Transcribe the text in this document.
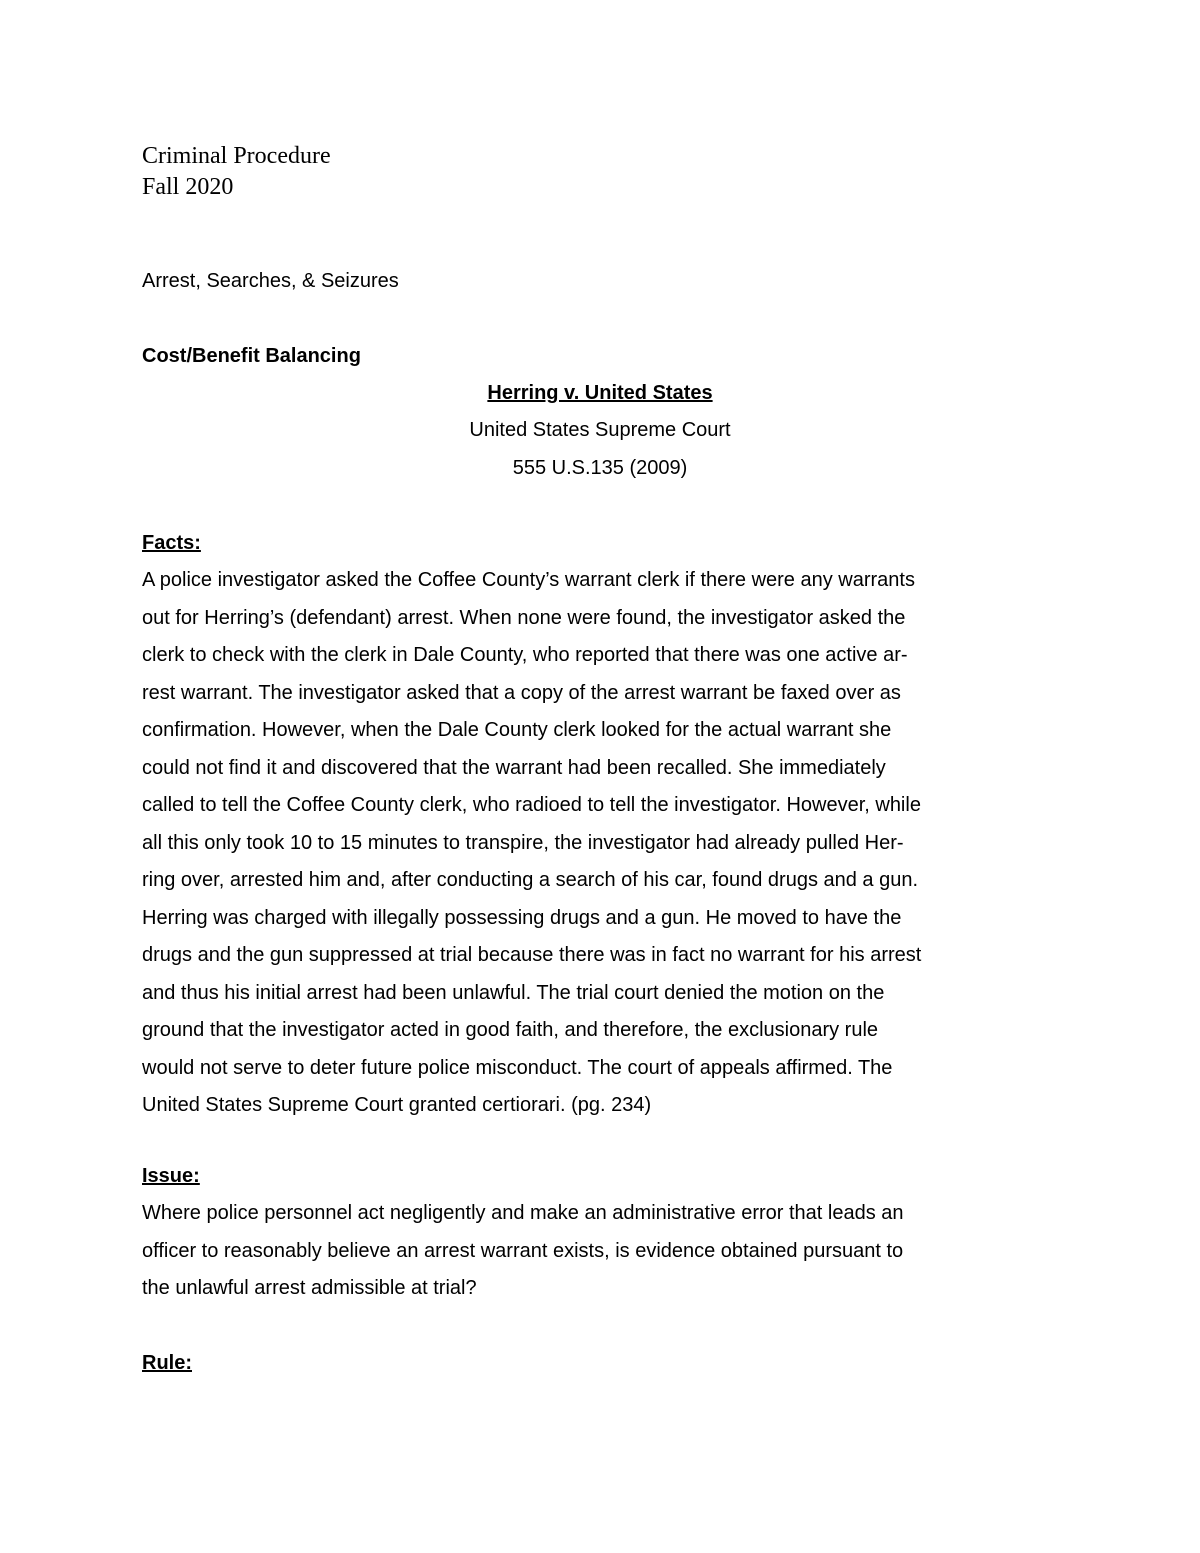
Criminal Procedure

Fall 2020

Arrest, Searches, & Seizures

Cost/Benefit Balancing

Herring v. United States

United States Supreme Court

555 U.S.135 (2009)

Facts:

A police investigator asked the Coffee County’s warrant clerk if there were any warrants
out for Herring’s (defendant) arrest. When none were found, the investigator asked the
clerk to check with the clerk in Dale County, who reported that there was one active ar-
rest warrant. The investigator asked that a copy of the arrest warrant be faxed over as
confirmation. However, when the Dale County clerk looked for the actual warrant she
could not find it and discovered that the warrant had been recalled. She immediately
called to tell the Coffee County clerk, who radioed to tell the investigator. However, while
all this only took 10 to 15 minutes to transpire, the investigator had already pulled Her-
ring over, arrested him and, after conducting a search of his car, found drugs and a gun.
Herring was charged with illegally possessing drugs and a gun. He moved to have the
drugs and the gun suppressed at trial because there was in fact no warrant for his arrest
and thus his initial arrest had been unlawful. The trial court denied the motion on the
ground that the investigator acted in good faith, and therefore, the exclusionary rule
would not serve to deter future police misconduct. The court of appeals affirmed. The
United States Supreme Court granted certiorari. (pg. 234)

Issue:

Where police personnel act negligently and make an administrative error that leads an
officer to reasonably believe an arrest warrant exists, is evidence obtained pursuant to
the unlawful arrest admissible at trial?

Rule:
